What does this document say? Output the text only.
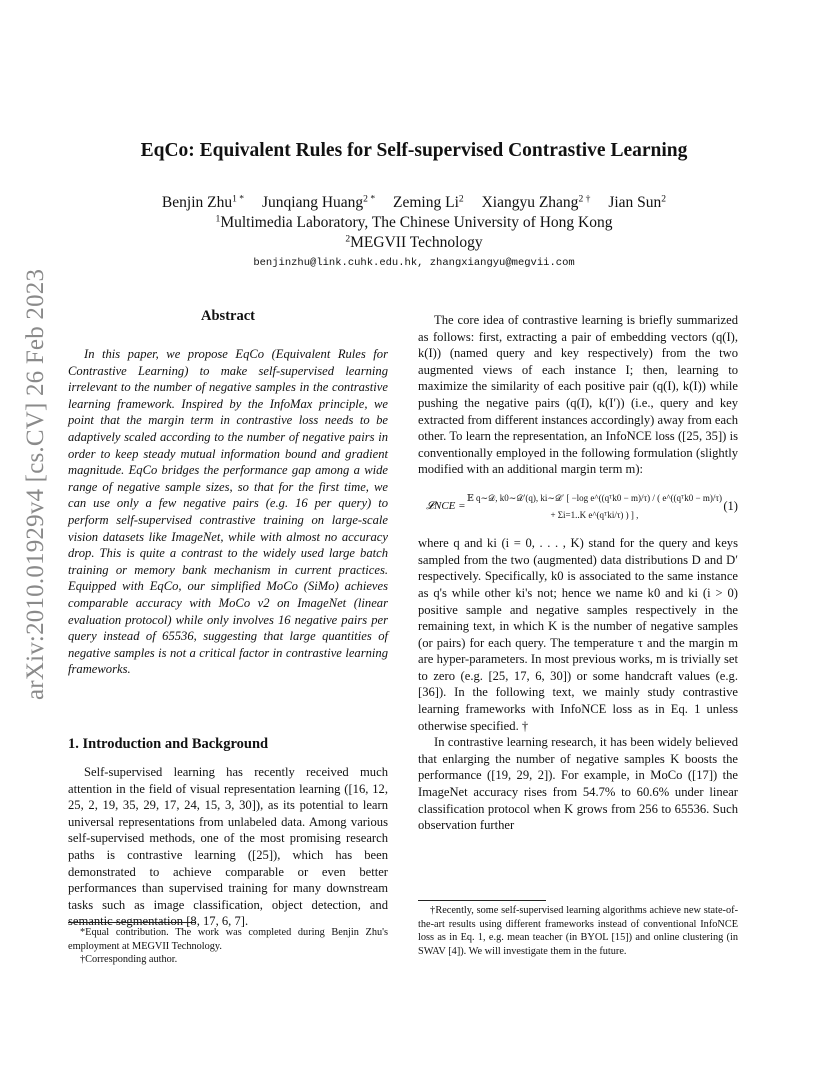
arXiv:2010.01929v4 [cs.CV] 26 Feb 2023
EqCo: Equivalent Rules for Self-supervised Contrastive Learning
Benjin Zhu$^{1 *}$ Junqiang Huang$^{2 *}$ Zeming Li$^2$ Xiangyu Zhang$^{2 \dagger}$ Jian Sun$^2$
$^1$Multimedia Laboratory, The Chinese University of Hong Kong
$^2$MEGVII Technology
benjinzhu@link.cuhk.edu.hk, zhangxiangyu@megvii.com
Abstract

In this paper, we propose EqCo (Equivalent Rules for Contrastive Learning) to make self-supervised learning irrelevant to the number of negative samples in the contrastive learning framework. Inspired by the InfoMax principle, we point that the margin term in contrastive loss needs to be adaptively scaled according to the number of negative pairs in order to keep steady mutual information bound and gradient magnitude. EqCo bridges the performance gap among a wide range of negative sample sizes, so that for the first time, we can use only a few negative pairs (e.g. 16 per query) to perform self-supervised contrastive training on large-scale vision datasets like ImageNet, while with almost no accuracy drop. This is quite a contrast to the widely used large batch training or memory bank mechanism in current practices. Equipped with EqCo, our simplified MoCo (SiMo) achieves comparable accuracy with MoCo v2 on ImageNet (linear evaluation protocol) while only involves 16 negative pairs per query instead of 65536, suggesting that large quantities of negative samples is not a critical factor in contrastive learning frameworks.

1. Introduction and Background

Self-supervised learning has recently received much attention in the field of visual representation learning ([16, 12, 25, 2, 19, 35, 29, 17, 24, 15, 3, 30]), as its potential to learn universal representations from unlabeled data. Among various self-supervised methods, one of the most promising research paths is contrastive learning ([25]), which has been demonstrated to achieve comparable or even better performances than supervised training for many downstream tasks such as image classification, object detection, and semantic segmentation [8, 17, 6, 7].

*Equal contribution. The work was completed during Benjin Zhu's employment at MEGVII Technology.

†Corresponding author.

The core idea of contrastive learning is briefly summarized as follows: first, extracting a pair of embedding vectors (q(I), k(I)) (named query and key respectively) from the two augmented views of each instance I; then, learning to maximize the similarity of each positive pair (q(I), k(I)) while pushing the negative pairs (q(I), k(I′)) (i.e., query and key extracted from different instances accordingly) away from each other. To learn the representation, an InfoNCE loss ([25, 35]) is conventionally employed in the following formulation (slightly modified with an additional margin term m):

𝓛NCE =
𝔼 q∼𝒟, k0∼𝒟′(q), ki∼𝒟′ [ −log e^((qᵀk0 − m)/τ) / ( e^((qᵀk0 − m)/τ) + Σi=1..K e^(qᵀki/τ) ) ] ,
(1)

where q and ki (i = 0, . . . , K) stand for the query and keys sampled from the two (augmented) data distributions D and D′ respectively. Specifically, k0 is associated to the same instance as q's while other ki's not; hence we name k0 and ki (i > 0) positive sample and negative samples respectively in the remaining text, in which K is the number of negative samples (or pairs) for each query. The temperature τ and the margin m are hyper-parameters. In most previous works, m is trivially set to zero (e.g. [25, 17, 6, 30]) or some handcraft values (e.g. [36]). In the following text, we mainly study contrastive learning frameworks with InfoNCE loss as in Eq. 1 unless otherwise specified. †

In contrastive learning research, it has been widely believed that enlarging the number of negative samples K boosts the performance ([19, 29, 2]). For example, in MoCo ([17]) the ImageNet accuracy rises from 54.7% to 60.6% under linear classification protocol when K grows from 256 to 65536. Such observation further

†Recently, some self-supervised learning algorithms achieve new state-of-the-art results using different frameworks instead of conventional InfoNCE loss as in Eq. 1, e.g. mean teacher (in BYOL [15]) and online clustering (in SWAV [4]). We will investigate them in the future.
